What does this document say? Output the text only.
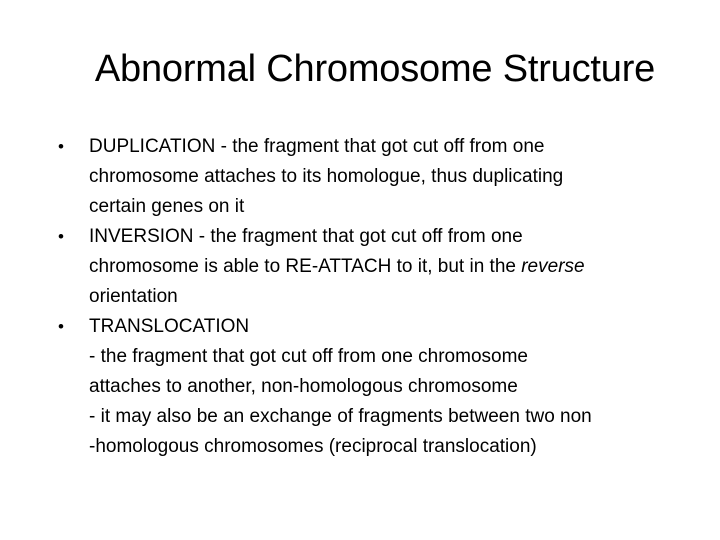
Abnormal Chromosome Structure
•	DUPLICATION - the fragment that got cut off from one
chromosome attaches to its homologue, thus duplicating
certain genes on it
•	INVERSION - the fragment that got cut off from one
chromosome is able to RE-ATTACH to it, but in the reverse
orientation
•	TRANSLOCATION
- the fragment that got cut off from one chromosome
attaches to another, non-homologous chromosome
- it may also be an exchange of fragments between two non
-homologous chromosomes (reciprocal translocation)
